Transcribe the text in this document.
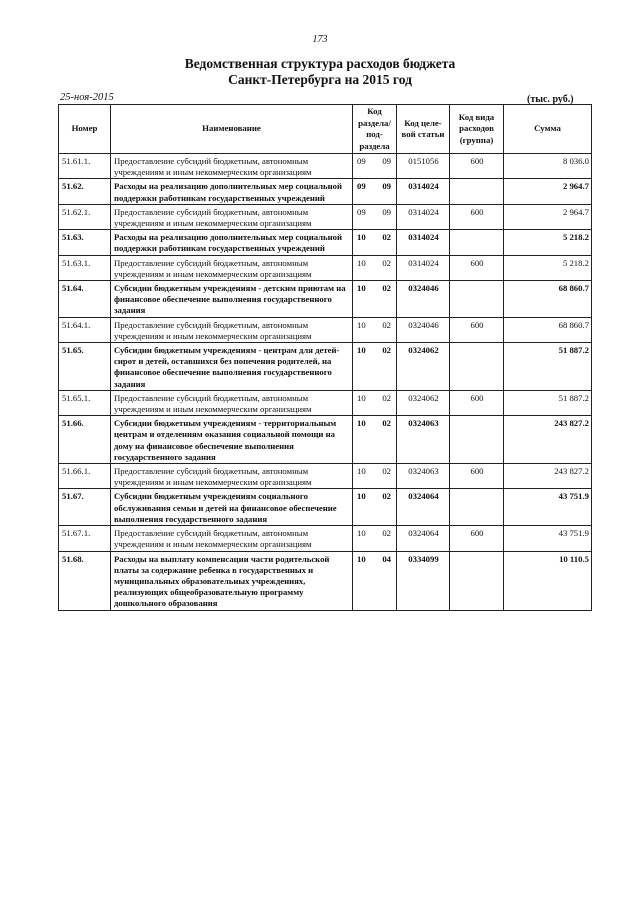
173
Ведомственная структура расходов бюджета
Санкт-Петербурга на 2015 год
25-ноя-2015	(тыс. руб.)
Номер	Наименование	Код раздела/ под-раздела	Код целе-вой статьи	Код вида расходов (группа)	Сумма
51.61.1.	Предоставление субсидий бюджетным, автономным учреждениям и иным некоммерческим организациям	09 09	0151056	600	8 036.0
51.62.	Расходы на реализацию дополнительных мер социальной поддержки работникам государственных учреждений	09 09	0314024		2 964.7
51.62.1.	Предоставление субсидий бюджетным, автономным учреждениям и иным некоммерческим организациям	09 09	0314024	600	2 964.7
51.63.	Расходы на реализацию дополнительных мер социальной поддержки работникам государственных учреждений	10 02	0314024		5 218.2
51.63.1.	Предоставление субсидий бюджетным, автономным учреждениям и иным некоммерческим организациям	10 02	0314024	600	5 218.2
51.64.	Субсидии бюджетным учреждениям - детским приютам на финансовое обеспечение выполнения государственного задания	10 02	0324046		68 860.7
51.64.1.	Предоставление субсидий бюджетным, автономным учреждениям и иным некоммерческим организациям	10 02	0324046	600	68 860.7
51.65.	Субсидии бюджетным учреждениям - центрам для детей-сирот и детей, оставшихся без попечения родителей, на финансовое обеспечение выполнения государственного задания	10 02	0324062		51 887.2
51.65.1.	Предоставление субсидий бюджетным, автономным учреждениям и иным некоммерческим организациям	10 02	0324062	600	51 887.2
51.66.	Субсидии бюджетным учреждениям - территориальным центрам и отделениям оказания социальной помощи на дому на финансовое обеспечение выполнения государственного задания	10 02	0324063		243 827.2
51.66.1.	Предоставление субсидий бюджетным, автономным учреждениям и иным некоммерческим организациям	10 02	0324063	600	243 827.2
51.67.	Субсидии бюджетным учреждениям социального обслуживания семьи и детей на финансовое обеспечение выполнения государственного задания	10 02	0324064		43 751.9
51.67.1.	Предоставление субсидий бюджетным, автономным учреждениям и иным некоммерческим организациям	10 02	0324064	600	43 751.9
51.68.	Расходы на выплату компенсации части родительской платы за содержание ребенка в государственных и муниципальных образовательных учреждениях, реализующих общеобразовательную программу дошкольного образования	10 04	0334099		10 110.5
